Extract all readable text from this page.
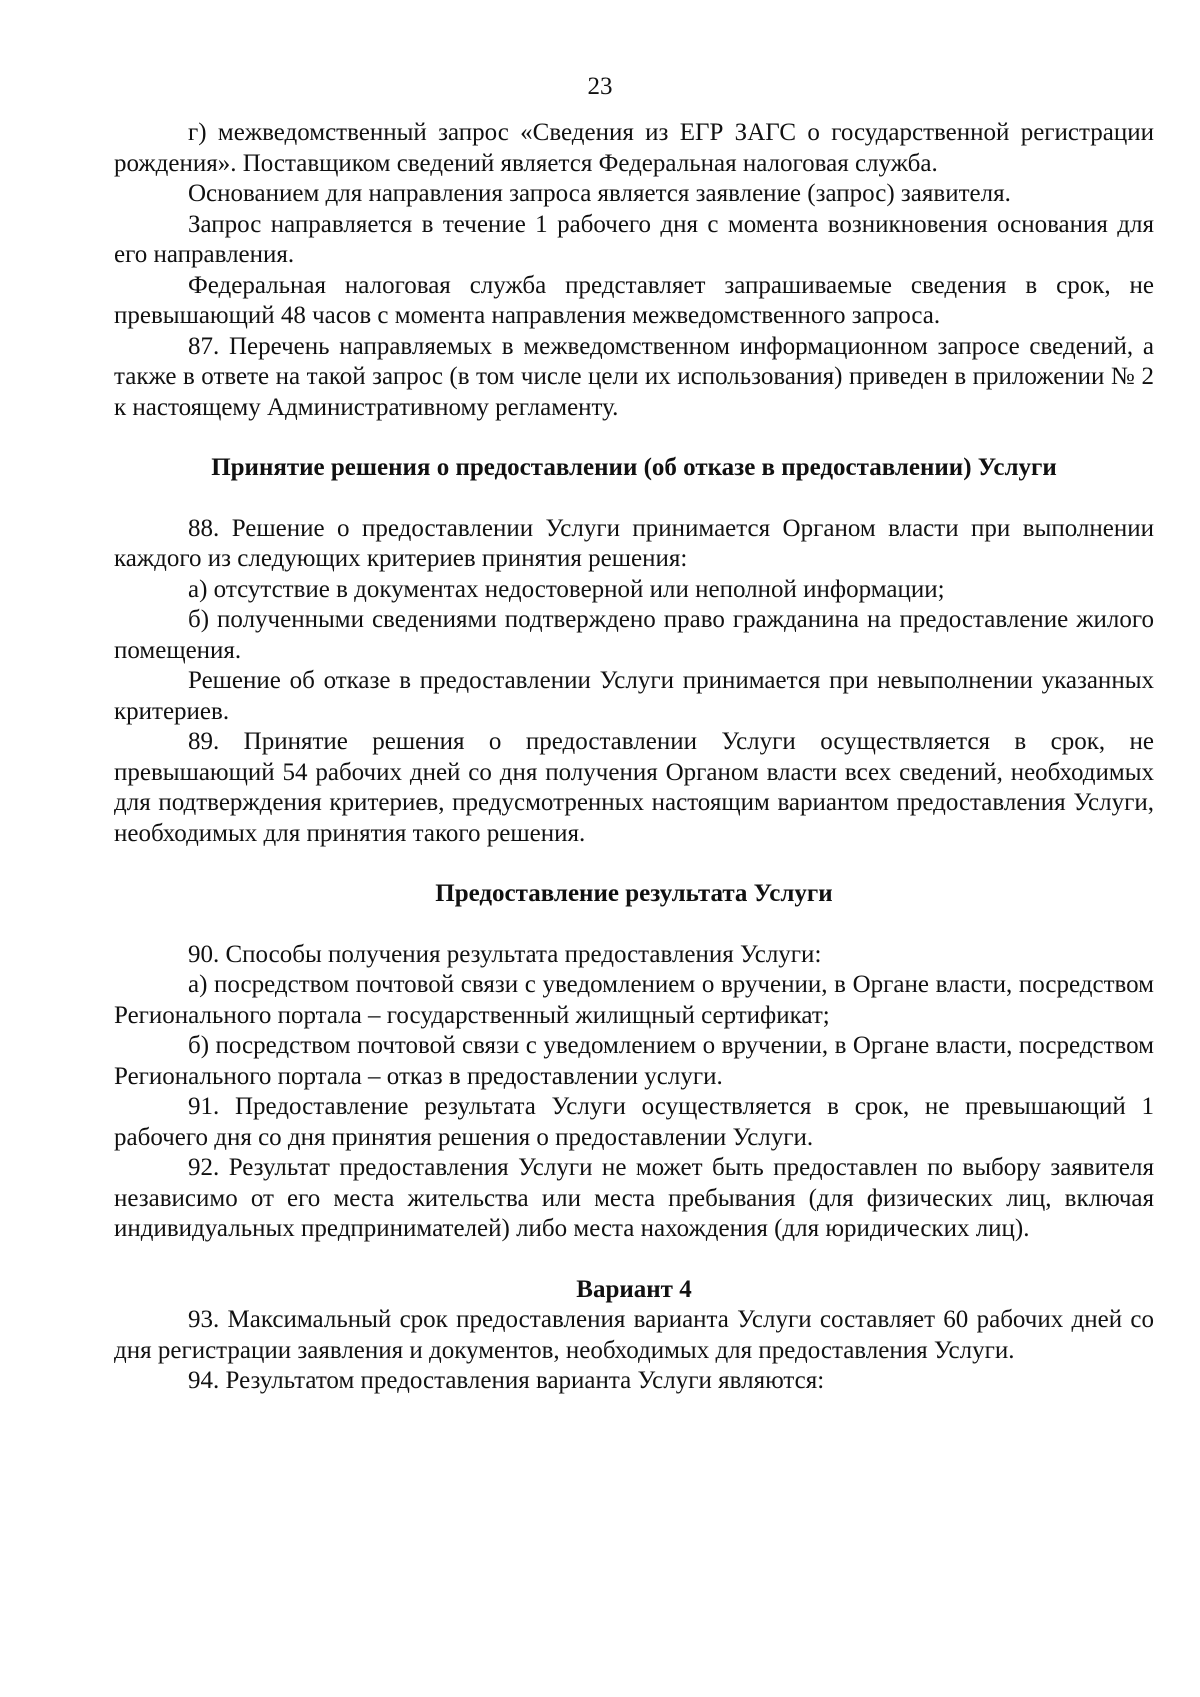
23

г) межведомственный запрос «Сведения из ЕГР ЗАГС о государственной регистрации рождения». Поставщиком сведений является Федеральная налоговая служба.

Основанием для направления запроса является заявление (запрос) заявителя.

Запрос направляется в течение 1 рабочего дня с момента возникновения основания для его направления.

Федеральная налоговая служба представляет запрашиваемые сведения в срок, не превышающий 48 часов с момента направления межведомственного запроса.

87. Перечень направляемых в межведомственном информационном запросе сведений, а также в ответе на такой запрос (в том числе цели их использования) приведен в приложении № 2 к настоящему Административному регламенту.

Принятие решения о предоставлении (об отказе в предоставлении) Услуги

88. Решение о предоставлении Услуги принимается Органом власти при выполнении каждого из следующих критериев принятия решения:

а) отсутствие в документах недостоверной или неполной информации;

б) полученными сведениями подтверждено право гражданина на предоставление жилого помещения.

Решение об отказе в предоставлении Услуги принимается при невыполнении указанных критериев.

89. Принятие решения о предоставлении Услуги осуществляется в срок, не превышающий 54 рабочих дней со дня получения Органом власти всех сведений, необходимых для подтверждения критериев, предусмотренных настоящим вариантом предоставления Услуги, необходимых для принятия такого решения.

Предоставление результата Услуги

90. Способы получения результата предоставления Услуги:

а) посредством почтовой связи с уведомлением о вручении, в Органе власти, посредством Регионального портала – государственный жилищный сертификат;

б) посредством почтовой связи с уведомлением о вручении, в Органе власти, посредством Регионального портала – отказ в предоставлении услуги.

91. Предоставление результата Услуги осуществляется в срок, не превышающий 1 рабочего дня со дня принятия решения о предоставлении Услуги.

92. Результат предоставления Услуги не может быть предоставлен по выбору заявителя независимо от его места жительства или места пребывания (для физических лиц, включая индивидуальных предпринимателей) либо места нахождения (для юридических лиц).

Вариант 4

93. Максимальный срок предоставления варианта Услуги составляет 60 рабочих дней со дня регистрации заявления и документов, необходимых для предоставления Услуги.

94. Результатом предоставления варианта Услуги являются:
